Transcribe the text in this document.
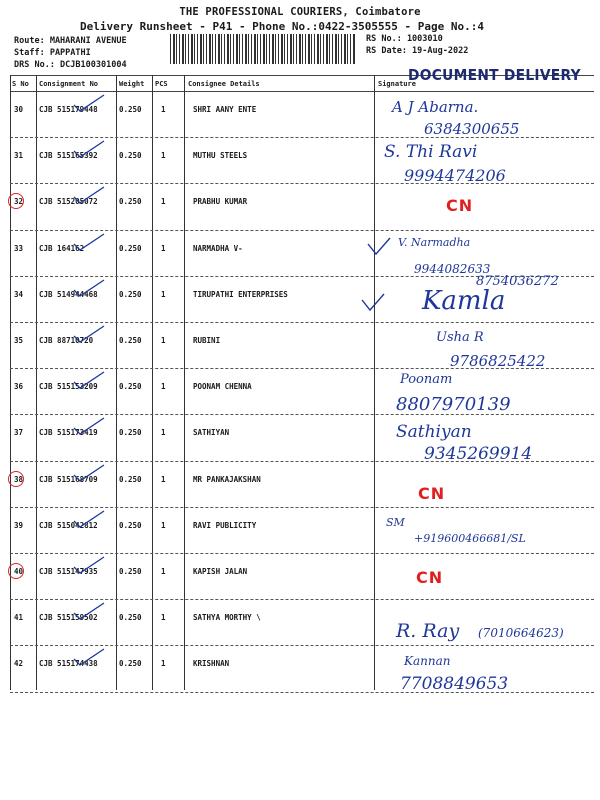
THE PROFESSIONAL COURIERS, Coimbatore
Delivery Runsheet - P41 - Phone No.:0422-3505555 - Page No.:4
Route: MAHARANI AVENUE
Staff: PAPPATHI
DRS No.: DCJB100301004
RS No.: 1003010
RS Date: 19-Aug-2022
S No Consignment No	Weight PCS	Consignee Details	Signature
DOCUMENT DELIVERY
30 CJB 515179448	0.250	1	SHRI AANY ENTE	A J Abarna.
6384300655
31 CJB 515165392	0.250	1	MUTHU STEELS	S. Thi Ravi
9994474206
32 CJB 515205072	0.250	1	PRABHU KUMAR	CN
33 CJB 164162	0.250	1	NARMADHA V-	V. Narmadha
9944082633
34 CJB 514944468	0.250	1	TIRUPATHI ENTERPRISES
8754036272
Kamla
35 CJB 88710720	0.250	1	RUBINI	Usha R
9786825422
36 CJB 515153209	0.250	1	POONAM CHENNA	Poonam
8807970139
37 CJB 515173419	0.250	1	SATHIYAN	Sathiyan
9345269914
38 CJB 515168709	0.250	1	MR PANKAJAKSHAN
CN
39 CJB 515042812	0.250	1	RAVI PUBLICITY	SM
+919600466681/SL
40 CJB 515147935	0.250	1	KAPISH JALAN	CN
41 CJB 515159502	0.250	1	SATHYA MORTHY \
R. Ray (7010664623)
42 CJB 515174438	0.250	1	KRISHNAN	Kannan
7708849653
